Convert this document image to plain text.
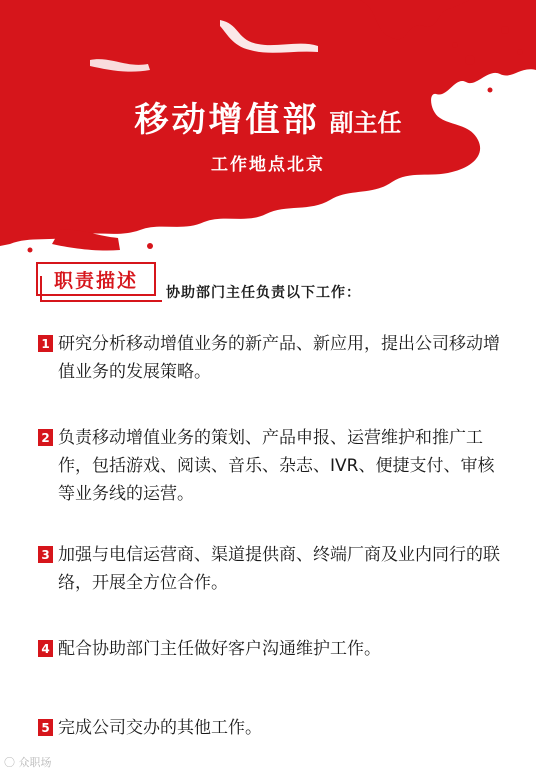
移动增值部 副主任
工作地点北京
职责描述
协助部门主任负责以下工作：
1 研究分析移动增值业务的新产品、新应用，提出公司移动增值业务的发展策略。
2 负责移动增值业务的策划、产品申报、运营维护和推广工作，包括游戏、阅读、音乐、杂志、IVR、便捷支付、审核等业务线的运营。
3 加强与电信运营商、渠道提供商、终端厂商及业内同行的联络，开展全方位合作。
4 配合协助部门主任做好客户沟通维护工作。
5 完成公司交办的其他工作。
〇 众职场
